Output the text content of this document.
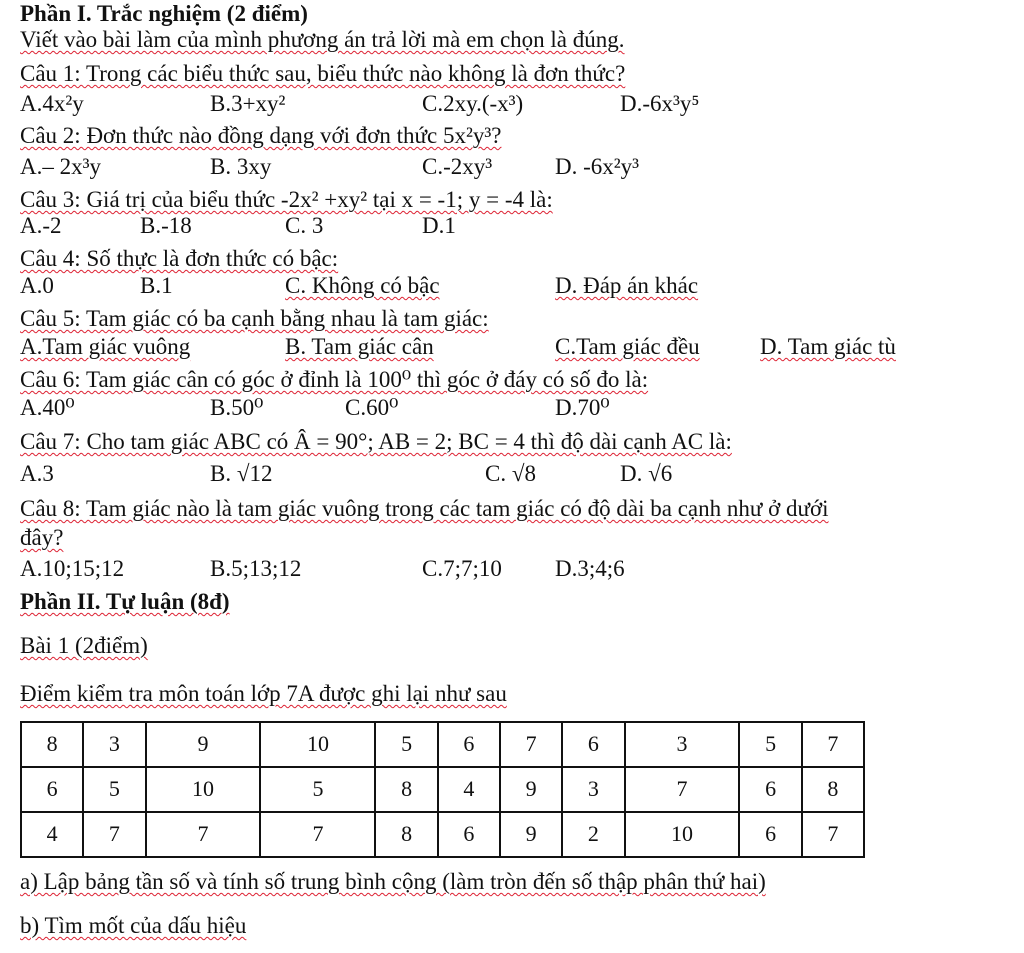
Phần I. Trắc nghiệm (2 điểm)
Viết vào bài làm của mình phương án trả lời mà em chọn là đúng.
Câu 1: Trong các biểu thức sau, biểu thức nào không là đơn thức?
A.4x²y	B.3+xy²	C.2xy.(-x³)	D.-6x³y⁵
Câu 2: Đơn thức nào đồng dạng với đơn thức 5x²y³?
A.– 2x³y	B. 3xy	C.-2xy³	D. -6x²y³
Câu 3: Giá trị của biểu thức -2x² +xy² tại x = -1; y = -4 là:
A.-2	B.-18	C. 3	D.1
Câu 4: Số thực là đơn thức có bậc:
A.0	B.1	C. Không có bậc	D. Đáp án khác
Câu 5: Tam giác có ba cạnh bằng nhau là tam giác:
A.Tam giác vuông	B. Tam giác cân	C.Tam giác đều	D. Tam giác tù
Câu 6: Tam giác cân có góc ở đỉnh là 100⁰ thì góc ở đáy có số đo là:
A.40⁰	B.50⁰	C.60⁰	D.70⁰
Câu 7: Cho tam giác ABC có Â = 90°; AB = 2; BC = 4 thì độ dài cạnh AC là:
A.3	B. √12	C. √8	D. √6
Câu 8: Tam giác nào là tam giác vuông trong các tam giác có độ dài ba cạnh như ở dưới
đây?
A.10;15;12	B.5;13;12	C.7;7;10 D.3;4;6
Phần II. Tự luận (8đ)
Bài 1 (2điểm)
Điểm kiểm tra môn toán lớp 7A được ghi lại như sau
8	3	9	10	5	6	7	6	3	5	7
6	5	10	5	8	4	9	3	7	6	8
4	7	7	7	8	6	9	2	10	6	7
a) Lập bảng tần số và tính số trung bình cộng (làm tròn đến số thập phân thứ hai)
b) Tìm mốt của dấu hiệu
